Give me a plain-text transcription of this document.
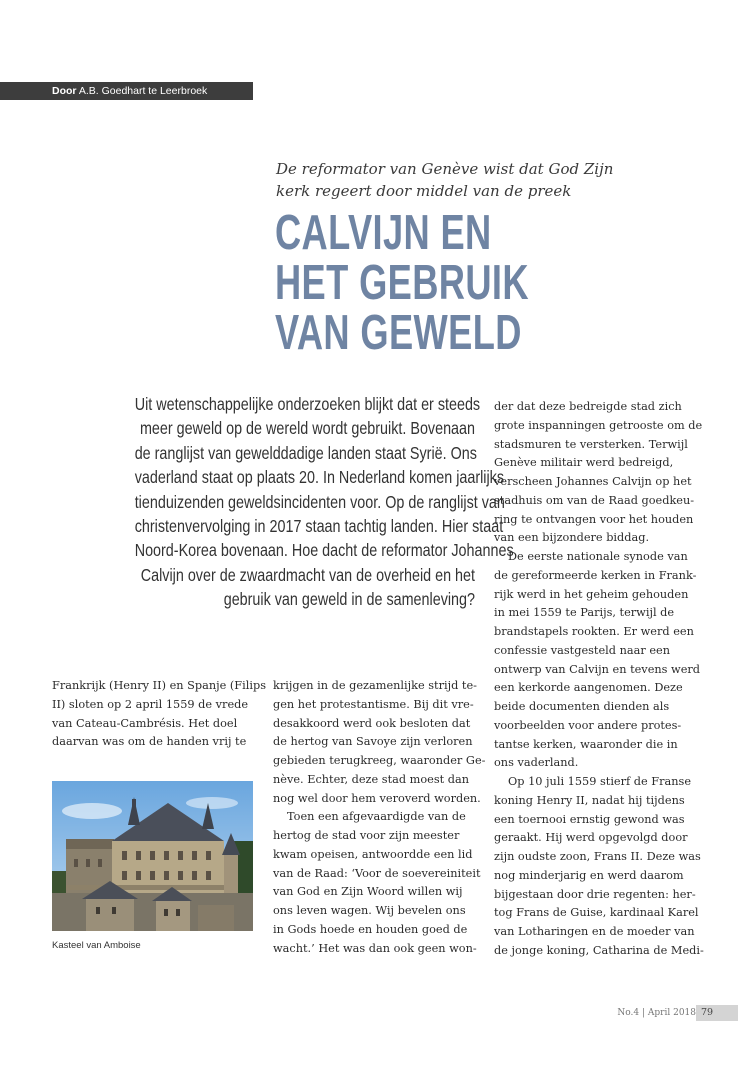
Door A.B. Goedhart te Leerbroek
De reformator van Genève wist dat God Zijn
kerk regeert door middel van de preek
CALVIJN EN
HET GEBRUIK
VAN GEWELD
Uit wetenschappelijke onderzoeken blijkt dat er steeds
meer geweld op de wereld wordt gebruikt. Bovenaan
de ranglijst van gewelddadige landen staat Syrië. Ons
vaderland staat op plaats 20. In Nederland komen jaarlijks
tienduizenden geweldsincidenten voor. Op de ranglijst van
christenvervolging in 2017 staan tachtig landen. Hier staat
Noord-Korea bovenaan. Hoe dacht de reformator Johannes
Calvijn over de zwaardmacht van de overheid en het
gebruik van geweld in de samenleving?
Frankrijk (Henry II) en Spanje (Filips
II) sloten op 2 april 1559 de vrede
van Cateau-Cambrésis. Het doel
daarvan was om de handen vrij te
Kasteel van Amboise
krijgen in de gezamenlijke strijd te-
gen het protestantisme. Bij dit vre-
desakkoord werd ook besloten dat
de hertog van Savoye zijn verloren
gebieden terugkreeg, waaronder Ge-
nève. Echter, deze stad moest dan
nog wel door hem veroverd worden.
Toen een afgevaardigde van de
hertog de stad voor zijn meester
kwam opeisen, antwoordde een lid
van de Raad: ‘Voor de soevereiniteit
van God en Zijn Woord willen wij
ons leven wagen. Wij bevelen ons
in Gods hoede en houden goed de
wacht.’ Het was dan ook geen won-
der dat deze bedreigde stad zich
grote inspanningen getrooste om de
stadsmuren te versterken. Terwijl
Genève militair werd bedreigd,
verscheen Johannes Calvijn op het
stadhuis om van de Raad goedkeu-
ring te ontvangen voor het houden
van een bijzondere biddag.
De eerste nationale synode van
de gereformeerde kerken in Frank-
rijk werd in het geheim gehouden
in mei 1559 te Parijs, terwijl de
brandstapels rookten. Er werd een
confessie vastgesteld naar een
ontwerp van Calvijn en tevens werd
een kerkorde aangenomen. Deze
beide documenten dienden als
voorbeelden voor andere protes-
tantse kerken, waaronder die in
ons vaderland.
Op 10 juli 1559 stierf de Franse
koning Henry II, nadat hij tijdens
een toernooi ernstig gewond was
geraakt. Hij werd opgevolgd door
zijn oudste zoon, Frans II. Deze was
nog minderjarig en werd daarom
bijgestaan door drie regenten: her-
tog Frans de Guise, kardinaal Karel
van Lotharingen en de moeder van
de jonge koning, Catharina de Medi-
No.4 | April 2018 79
